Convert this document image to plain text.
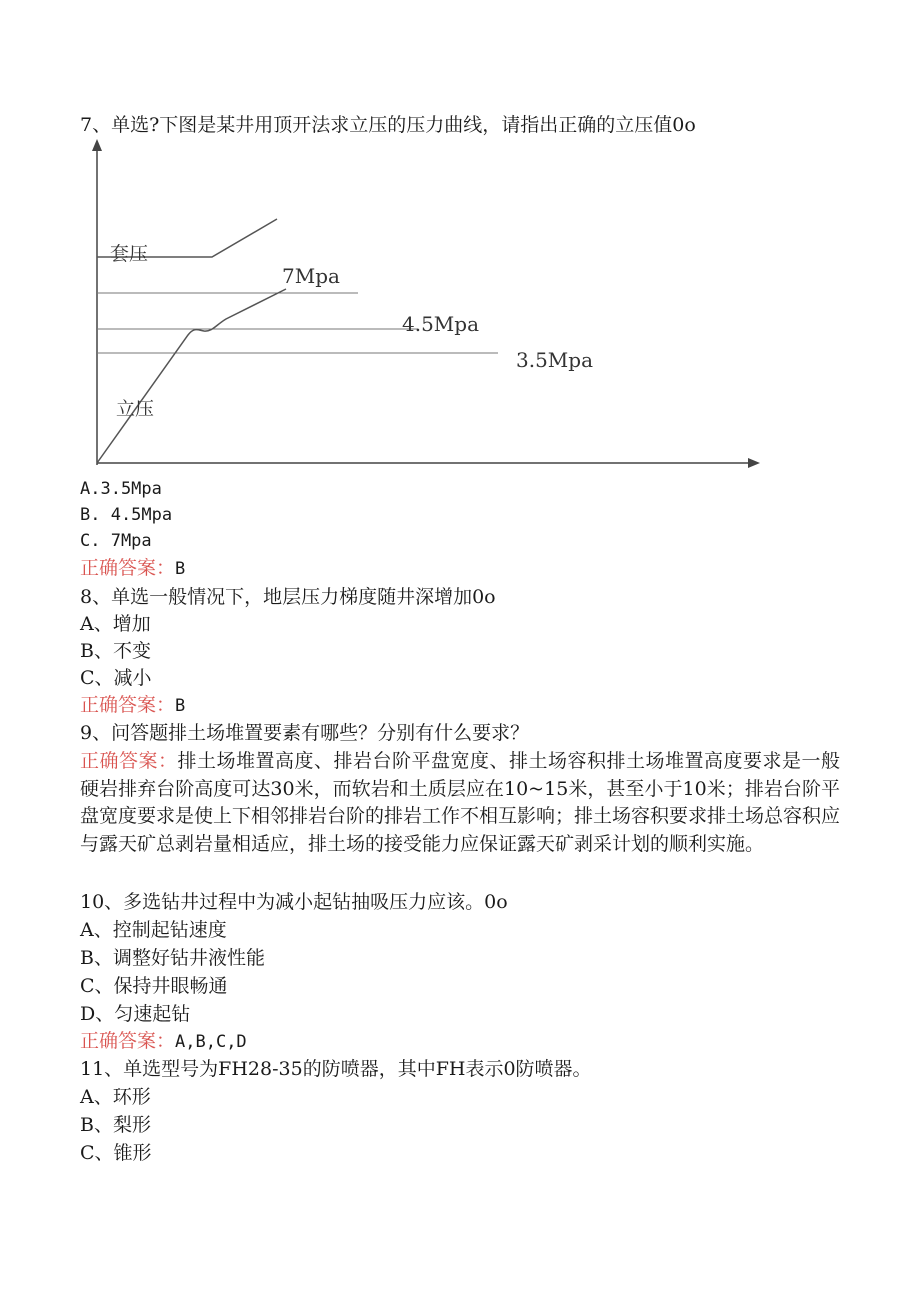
7、单选?下图是某井用顶开法求立压的压力曲线，请指出正确的立压值0o
套压
7Mpa
4.5Mpa
3.5Mpa
立压
A.3.5Mpa
B. 4.5Mpa
C. 7Mpa
正确答案：B
8、单选一般情况下，地层压力梯度随井深增加0o
A、增加
B、不变
C、减小
正确答案：B
9、问答题排土场堆置要素有哪些？分别有什么要求？
正确答案：排土场堆置高度、排岩台阶平盘宽度、排土场容积排土场堆置高度要求是一般硬岩排弃台阶高度可达30米，而软岩和土质层应在10~15米，甚至小于10米；排岩台阶平盘宽度要求是使上下相邻排岩台阶的排岩工作不相互影响；排土场容积要求排土场总容积应与露天矿总剥岩量相适应，排土场的接受能力应保证露天矿剥采计划的顺利实施。
10、多选钻井过程中为减小起钻抽吸压力应该。0o
A、控制起钻速度
B、调整好钻井液性能
C、保持井眼畅通
D、匀速起钻
正确答案：A,B,C,D
11、单选型号为FH28-35的防喷器，其中FH表示0防喷器。
A、环形
B、梨形
C、锥形
